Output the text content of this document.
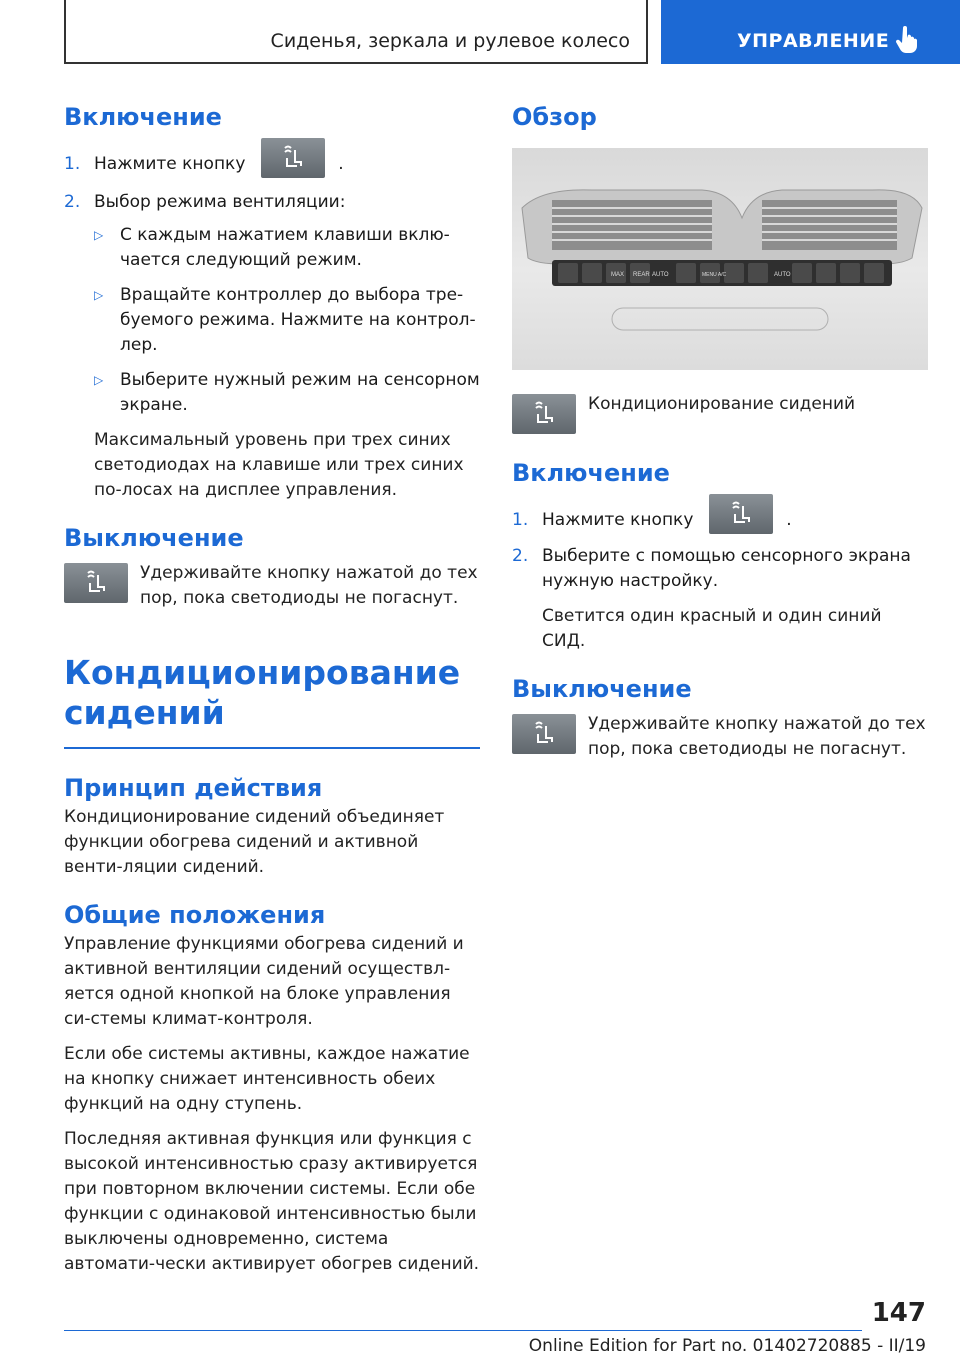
Сиденья, зеркала и рулевое колесо	УПРАВЛЕНИЕ
Включение
1. Нажмите кнопку	.
2. Выбор режима вентиляции:
▷ С каждым нажатием клавиши вклю-чается следующий режим.
▷ Вращайте контроллер до выбора тре-буемого режима. Нажмите на контрол-лер.
▷ Выберите нужный режим на сенсорном экране.

Максимальный уровень при трех синих светодиодах на клавише или трех синих по-лосах на дисплее управления.

Выключение

Удерживайте кнопку нажатой до тех пор, пока светодиоды не погаснут.

Кондиционирование сидений
Принцип действия

Кондиционирование сидений объединяет функции обогрева сидений и активной венти-ляции сидений.

Общие положения

Управление функциями обогрева сидений и активной вентиляции сидений осуществл-яется одной кнопкой на блоке управления си-стемы климат-контроля.

Если обе системы активны, каждое нажатие на кнопку снижает интенсивность обеих функций на одну ступень.

Последняя активная функция или функция с высокой интенсивностью сразу активируется при повторном включении системы. Если обе функции с одинаковой интенсивностью были выключены одновременно, система автомати-чески активирует обогрев сидений.

Обзор
MAX REAR AUTO	MENU A/C	AUTO

Кондиционирование сидений

Включение
1. Нажмите кнопку	.
2. Выберите с помощью сенсорного экрана нужную настройку.

Светится один красный и один синий СИД.

Выключение

Удерживайте кнопку нажатой до тех пор, пока светодиоды не погаснут.

147
Online Edition for Part no. 01402720885 - II/19
